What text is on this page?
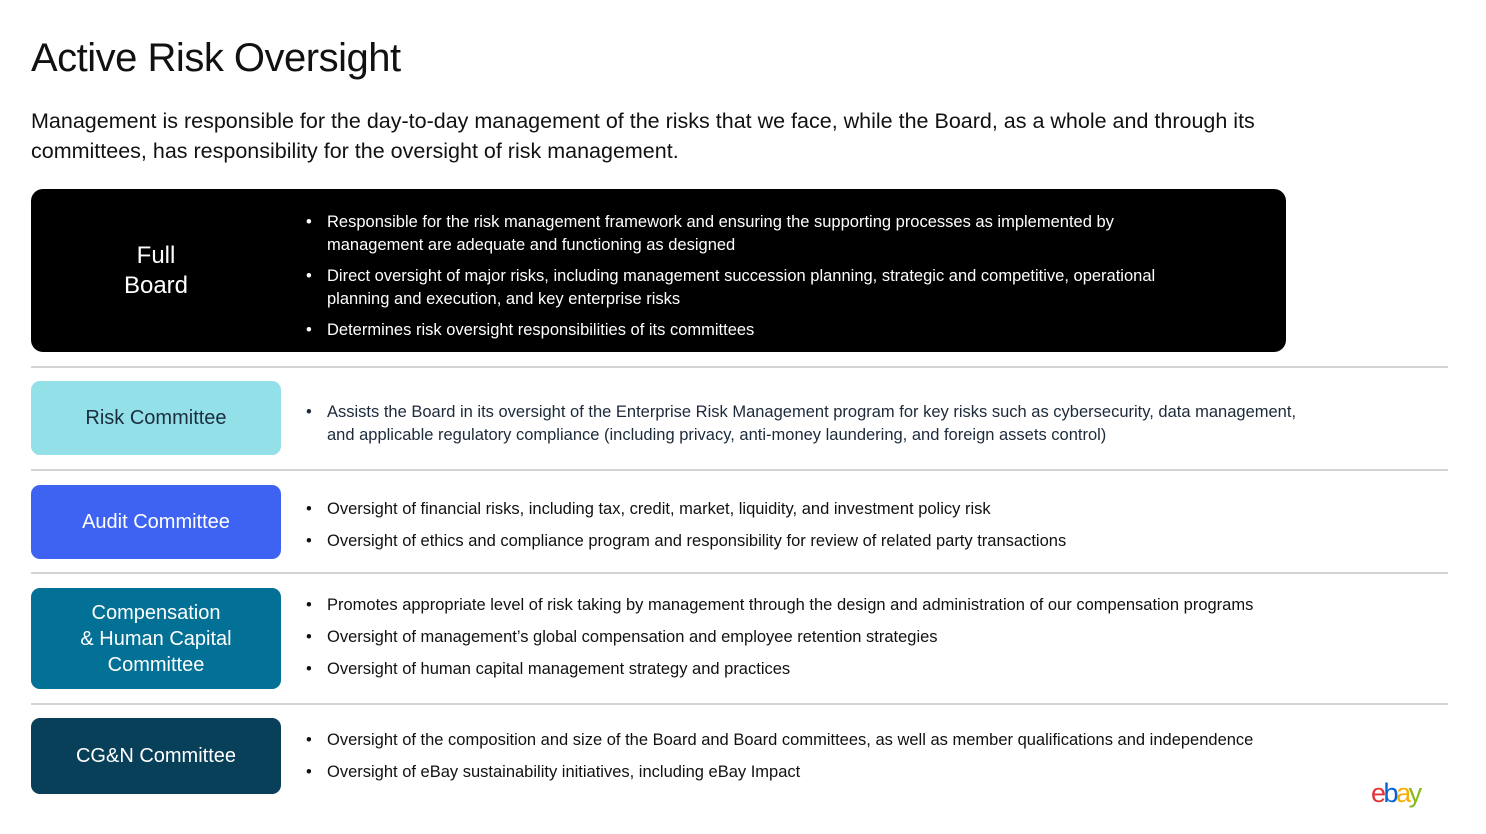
Active Risk Oversight

Management is responsible for the day-to-day management of the risks that we face, while the Board, as a whole and through its committees, has responsibility for the oversight of risk management.

Full
Board
• Responsible for the risk management framework and ensuring the supporting processes as implemented by management are adequate and functioning as designed
• Direct oversight of major risks, including management succession planning, strategic and competitive, operational planning and execution, and key enterprise risks
• Determines risk oversight responsibilities of its committees
Risk Committee
•	Assists the Board in its oversight of the Enterprise Risk Management program for key risks such as cybersecurity, data management, and applicable regulatory compliance (including privacy, anti-money laundering, and foreign assets control)
Audit Committee
• Oversight of financial risks, including tax, credit, market, liquidity, and investment policy risk
• Oversight of ethics and compliance program and responsibility for review of related party transactions
Compensation
& Human Capital
Committee
• Promotes appropriate level of risk taking by management through the design and administration of our compensation programs
• Oversight of management’s global compensation and employee retention strategies
• Oversight of human capital management strategy and practices
CG&N Committee
• Oversight of the composition and size of the Board and Board committees, as well as member qualifications and independence
• Oversight of eBay sustainability initiatives, including eBay Impact
ebay
